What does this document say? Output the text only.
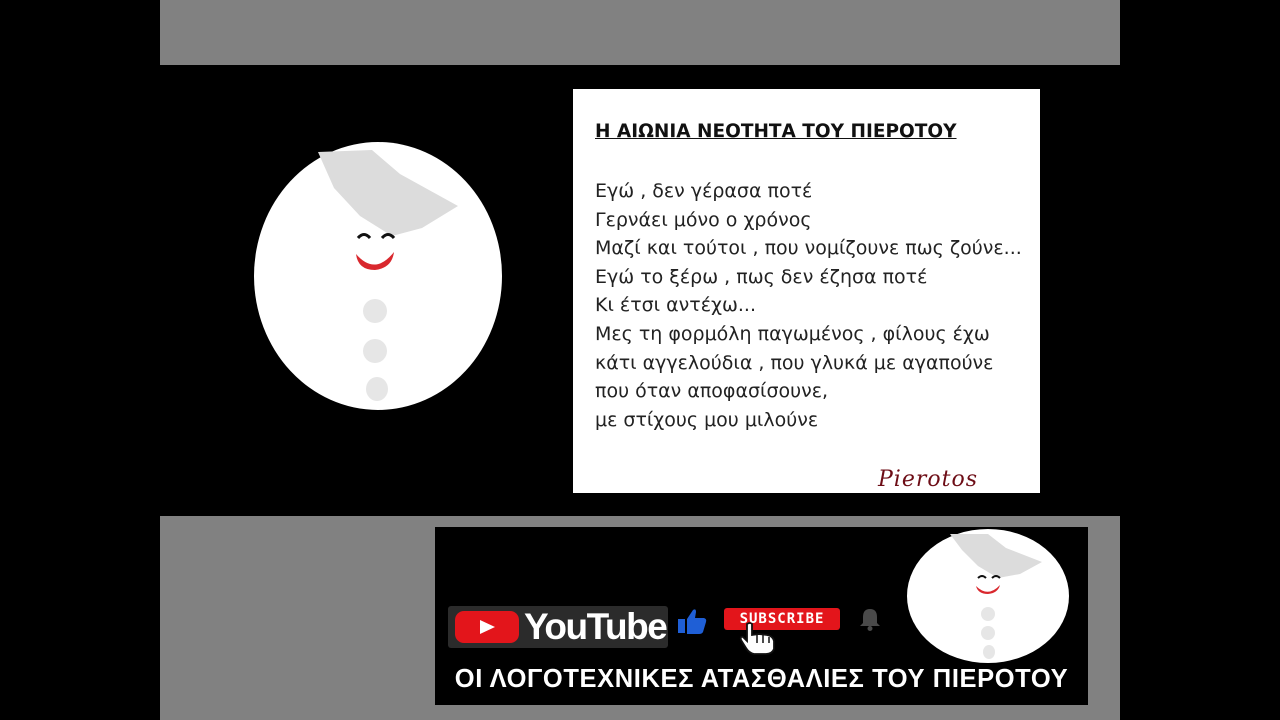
Η ΑΙΩΝΙΑ ΝΕΟΤΗΤΑ ΤΟΥ ΠΙΕΡΟΤΟΥ
Εγώ , δεν γέρασα ποτέ
Γερνάει μόνο ο χρόνος
Μαζί και τούτοι , που νομίζουνε πως ζούνε...
Εγώ το ξέρω , πως δεν έζησα ποτέ
Κι έτσι αντέχω...
Μες τη φορμόλη παγωμένος , φίλους έχω
κάτι αγγελούδια , που γλυκά με αγαπούνε
που όταν αποφασίσουνε,
με στίχους μου μιλούνε
Pierotos
YouTube	SUBSCRIBE
ΟΙ ΛΟΓΟΤΕΧΝΙΚΕΣ ΑΤΑΣΘΑΛΙΕΣ ΤΟΥ ΠΙΕΡΟΤΟΥ
